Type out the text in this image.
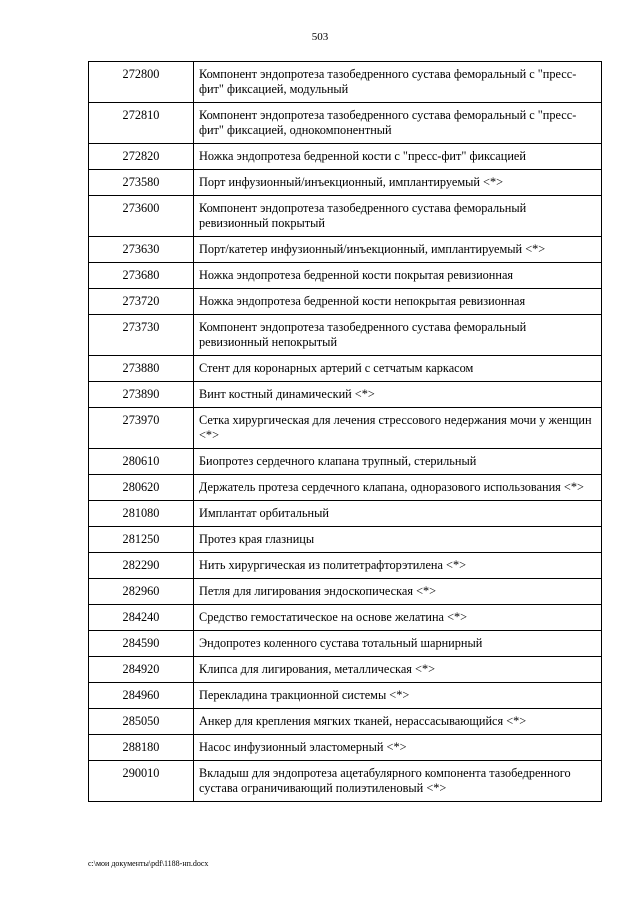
503
272800	Компонент эндопротеза тазобедренного сустава феморальный с "пресс-фит" фиксацией, модульный
272810	Компонент эндопротеза тазобедренного сустава феморальный с "пресс-фит" фиксацией, однокомпонентный
272820	Ножка эндопротеза бедренной кости с "пресс-фит" фиксацией
273580	Порт инфузионный/инъекционный, имплантируемый <*>
273600	Компонент эндопротеза тазобедренного сустава феморальный ревизионный покрытый
273630	Порт/катетер инфузионный/инъекционный, имплантируемый <*>
273680	Ножка эндопротеза бедренной кости покрытая ревизионная
273720	Ножка эндопротеза бедренной кости непокрытая ревизионная
273730	Компонент эндопротеза тазобедренного сустава феморальный ревизионный непокрытый
273880	Стент для коронарных артерий с сетчатым каркасом
273890	Винт костный динамический <*>
273970	Сетка хирургическая для лечения стрессового недержания мочи у женщин <*>
280610	Биопротез сердечного клапана трупный, стерильный
280620	Держатель протеза сердечного клапана, одноразового использования <*>
281080	Имплантат орбитальный
281250	Протез края глазницы
282290	Нить хирургическая из политетрафторэтилена <*>
282960	Петля для лигирования эндоскопическая <*>
284240	Средство гемостатическое на основе желатина <*>
284590	Эндопротез коленного сустава тотальный шарнирный
284920	Клипса для лигирования, металлическая <*>
284960	Перекладина тракционной системы <*>
285050	Анкер для крепления мягких тканей, нерассасывающийся <*>
288180	Насос инфузионный эластомерный <*>
290010	Вкладыш для эндопротеза ацетабулярного компонента тазобедренного сустава ограничивающий полиэтиленовый <*>
c:\мои документы\pdf\1188-нп.docx
